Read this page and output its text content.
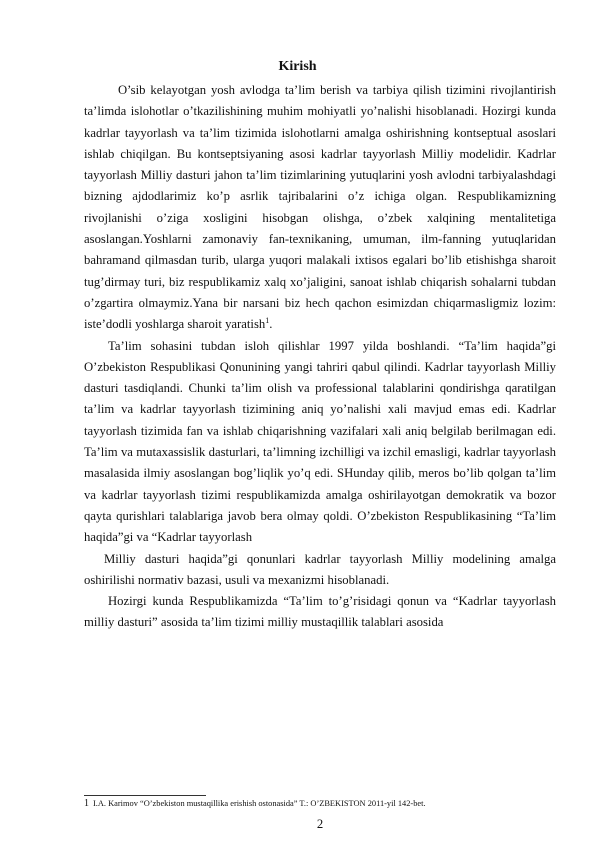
Kirish

O’sib kelayotgan yosh avlodga ta’lim berish va tarbiya qilish tizimini rivojlantirish ta’limda islohotlar o’tkazilishining muhim mohiyatli yo’nalishi hisoblanadi. Hozirgi kunda kadrlar tayyorlash va ta’lim tizimida islohotlarni amalga oshirishning kontseptual asoslari ishlab chiqilgan. Bu kontseptsiyaning asosi kadrlar tayyorlash Milliy modelidir. Kadrlar tayyorlash Milliy dasturi jahon ta’lim tizimlarining yutuqlarini yosh avlodni tarbiyalashdagi bizning ajdodlarimiz ko’p asrlik tajribalarini o’z ichiga olgan. Respublikamizning rivojlanishi o’ziga xosligini hisobgan olishga, o’zbek xalqining mentalitetiga asoslangan.Yoshlarni zamonaviy fan-texnikaning, umuman, ilm-fanning yutuqlaridan bahramand qilmasdan turib, ularga yuqori malakali ixtisos egalari bo’lib etishishga sharoit tug’dirmay turi, biz respublikamiz xalq xo’jaligini, sanoat ishlab chiqarish sohalarni tubdan o’zgartira olmaymiz.Yana bir narsani biz hech qachon esimizdan chiqarmasligmiz lozim: iste’dodli yoshlarga sharoit yaratish$^1$.

Ta’lim sohasini tubdan isloh qilishlar 1997 yilda boshlandi. “Ta’lim haqida”gi O’zbekiston Respublikasi Qonunining yangi tahriri qabul qilindi. Kadrlar tayyorlash Milliy dasturi tasdiqlandi. Chunki ta’lim olish va professional talablarini qondirishga qaratilgan ta’lim va kadrlar tayyorlash tizimining aniq yo’nalishi xali mavjud emas edi. Kadrlar tayyorlash tizimida fan va ishlab chiqarishning vazifalari xali aniq belgilab berilmagan edi. Ta’lim va mutaxassislik dasturlari, ta’limning izchilligi va izchil emasligi, kadrlar tayyorlash masalasida ilmiy asoslangan bog’liqlik yo’q edi. SHunday qilib, meros bo’lib qolgan ta’lim va kadrlar tayyorlash tizimi respublikamizda amalga oshirilayotgan demokratik va bozor qayta qurishlari talablariga javob bera olmay qoldi. O’zbekiston Respublikasining “Ta’lim haqida”gi va “Kadrlar tayyorlash

Milliy dasturi haqida”gi qonunlari kadrlar tayyorlash Milliy modelining amalga oshirilishi normativ bazasi, usuli va mexanizmi hisoblanadi.

Hozirgi kunda Respublikamizda “Ta’lim to’g’risidagi qonun va “Kadrlar tayyorlash milliy dasturi” asosida ta’lim tizimi milliy mustaqillik talablari asosida

1 I.A. Karimov “O’zbekiston mustaqillika erishish ostonasida” T.: O’ZBEKISTON 2011-yil 142-bet.
2
